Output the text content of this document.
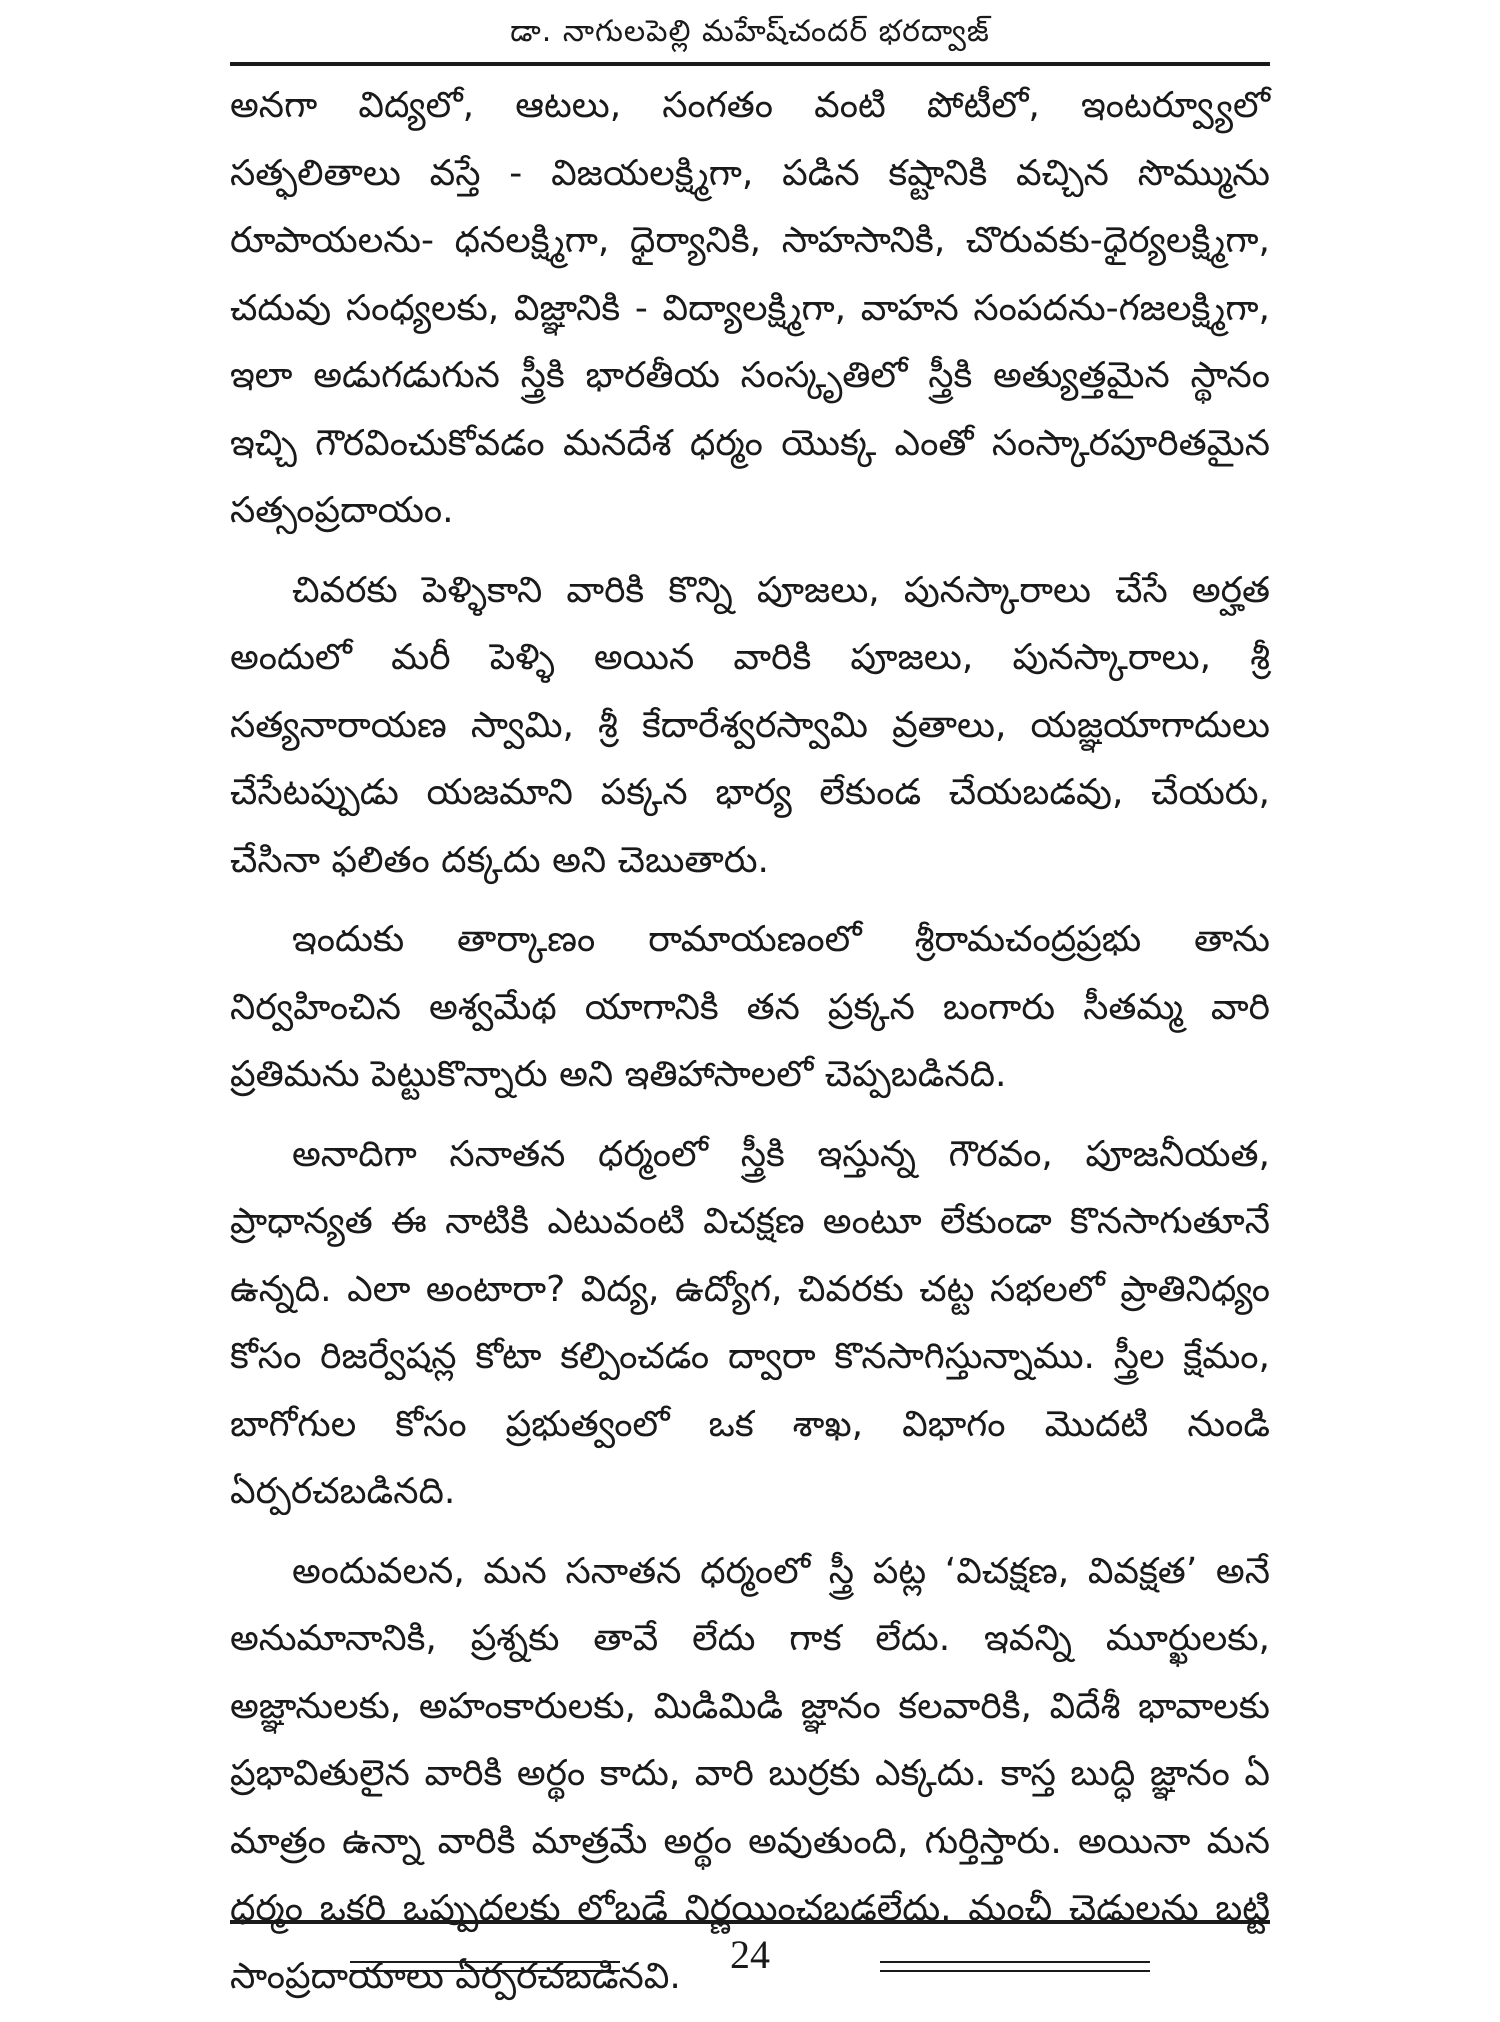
డా. నాగులపెల్లి మహేష్‌చందర్ భరద్వాజ్

అనగా విద్యలో, ఆటలు, సంగతం వంటి పోటీలో, ఇంటర్వ్యూలో సత్ఫలితాలు వస్తే - విజయలక్ష్మిగా, పడిన కష్టానికి వచ్చిన సొమ్మును రూపాయలను- ధనలక్ష్మిగా, ధైర్యానికి, సాహసానికి, చొరువకు-ధైర్యలక్ష్మిగా, చదువు సంధ్యలకు, విజ్ఞానికి - విద్యాలక్ష్మిగా, వాహన సంపదను-గజలక్ష్మిగా, ఇలా అడుగడుగున స్త్రీకి భారతీయ సంస్కృతిలో స్త్రీకి అత్యుత్తమైన స్థానం ఇచ్చి గౌరవించుకోవడం మనదేశ ధర్మం యొక్క ఎంతో సంస్కారపూరితమైన సత్సంప్రదాయం.

చివరకు పెళ్ళికాని వారికి కొన్ని పూజలు, పునస్కారాలు చేసే అర్హత అందులో మరీ పెళ్ళి అయిన వారికి పూజలు, పునస్కారాలు, శ్రీ సత్యనారాయణ స్వామి, శ్రీ కేదారేశ్వరస్వామి వ్రతాలు, యజ్ఞయాగాదులు చేసేటప్పుడు యజమాని పక్కన భార్య లేకుండ చేయబడవు, చేయరు, చేసినా ఫలితం దక్కదు అని చెబుతారు.

ఇందుకు తార్కాణం రామాయణంలో శ్రీరామచంద్రప్రభు తాను నిర్వహించిన అశ్వమేథ యాగానికి తన ప్రక్కన బంగారు సీతమ్మ వారి ప్రతిమను పెట్టుకొన్నారు అని ఇతిహాసాలలో చెప్పబడినది.

అనాదిగా సనాతన ధర్మంలో స్త్రీకి ఇస్తున్న గౌరవం, పూజనీయత, ప్రాధాన్యత ఈ నాటికి ఎటువంటి విచక్షణ అంటూ లేకుండా కొనసాగుతూనే ఉన్నది. ఎలా అంటారా? విద్య, ఉద్యోగ, చివరకు చట్ట సభలలో ప్రాతినిధ్యం కోసం రిజర్వేషన్ల కోటా కల్పించడం ద్వారా కొనసాగిస్తున్నాము. స్త్రీల క్షేమం, బాగోగుల కోసం ప్రభుత్వంలో ఒక శాఖ, విభాగం మొదటి నుండి ఏర్పరచబడినది.

అందువలన, మన సనాతన ధర్మంలో స్త్రీ పట్ల ‘విచక్షణ, వివక్షత’ అనే అనుమానానికి, ప్రశ్నకు తావే లేదు గాక లేదు. ఇవన్ని మూర్ఖులకు, అజ్ఞానులకు, అహంకారులకు, మిడిమిడి జ్ఞానం కలవారికి, విదేశీ భావాలకు ప్రభావితులైన వారికి అర్థం కాదు, వారి బుర్రకు ఎక్కదు. కాస్త బుద్ధి జ్ఞానం ఏ మాత్రం ఉన్నా వారికి మాత్రమే అర్థం అవుతుంది, గుర్తిస్తారు. అయినా మన ధర్మం ఒకరి ఒప్పుదలకు లోబడే నిర్ణయించబడలేదు. మంచీ చెడులను బట్టి సాంప్రదాయాలు ఏర్పరచబడినవి.	24
